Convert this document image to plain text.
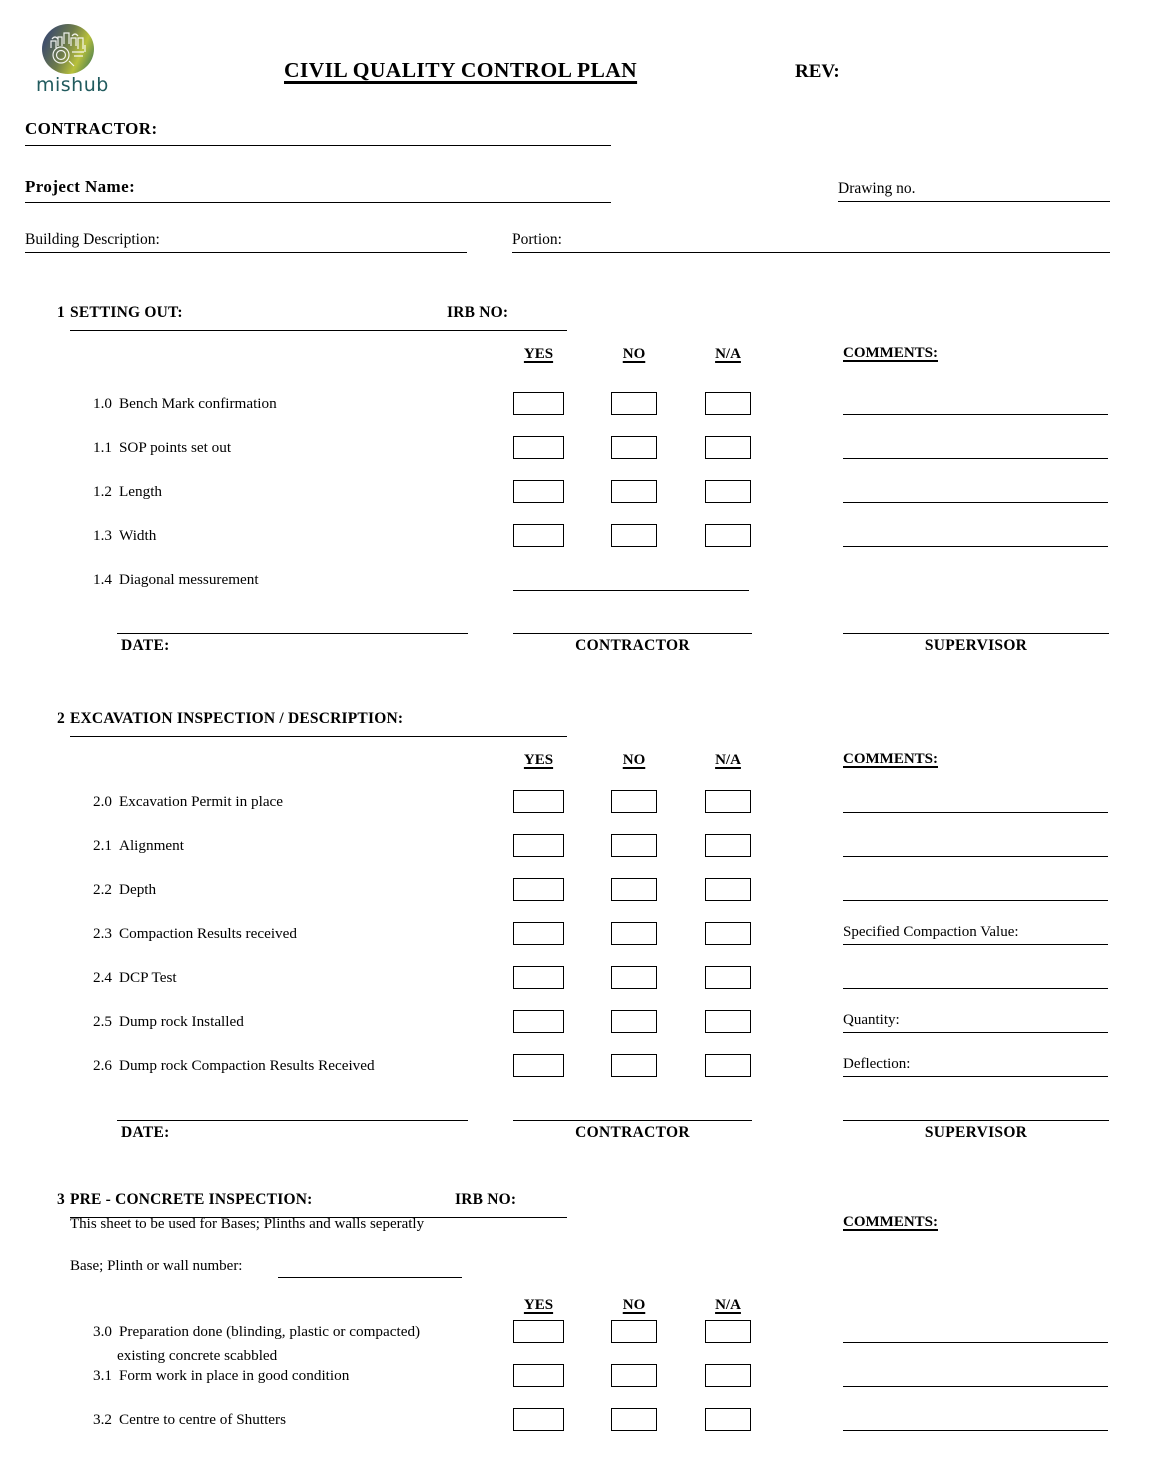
mishub
CIVIL QUALITY CONTROL PLAN	REV:
CONTRACTOR:
Project Name:	Drawing no.
Building Description:	Portion:
1 SETTING OUT:	IRB NO:
YES	NO	N/A	COMMENTS:
1.0 Bench Mark confirmation
1.1 SOP points set out
1.2 Length
1.3 Width
1.4 Diagonal messurement
DATE:	CONTRACTOR	SUPERVISOR
2 EXCAVATION INSPECTION / DESCRIPTION:
YES	NO	N/A	COMMENTS:
2.0 Excavation Permit in place
2.1 Alignment
2.2 Depth
2.3 Compaction Results received	Specified Compaction Value:
2.4 DCP Test
2.5 Dump rock Installed	Quantity:
2.6 Dump rock Compaction Results Received	Deflection:
DATE:	CONTRACTOR	SUPERVISOR
3 PRE - CONCRETE INSPECTION:	IRB NO:
This sheet to be used for Bases; Plinths and walls seperatly	COMMENTS:
Base; Plinth or wall number:
YES	NO	N/A
3.0 Preparation done (blinding, plastic or compacted)
existing concrete scabbled
3.1 Form work in place in good condition
3.2 Centre to centre of Shutters
